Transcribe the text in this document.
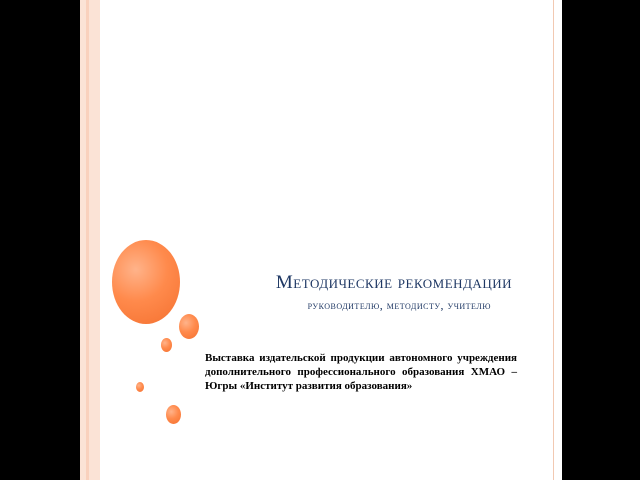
Методические рекомендации
руководителю, методисту, учителю
Выставка издательской продукции автономного учреждения дополнительного профессионального образования ХМАО – Югры «Институт развития образования»
